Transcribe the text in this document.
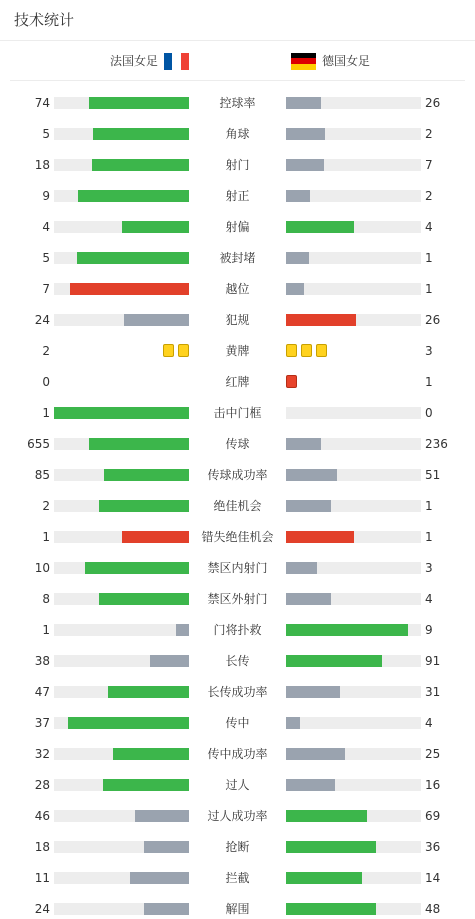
技术统计
法国女足	德国女足
74	控球率	26
5	角球	2
18	射门	7
9	射正	2
4	射偏	4
5	被封堵	1
7	越位	1
24	犯规	26
2	黄牌	3
0	红牌	1
1	击中门框	0
655	传球	236
85	传球成功率	51
2	绝佳机会	1
1	错失绝佳机会	1
10	禁区内射门	3
8	禁区外射门	4
1	门将扑救	9
38	长传	91
47	长传成功率	31
37	传中	4
32	传中成功率	25
28	过人	16
46	过人成功率	69
18	抢断	36
11	拦截	14
24	解围	48
